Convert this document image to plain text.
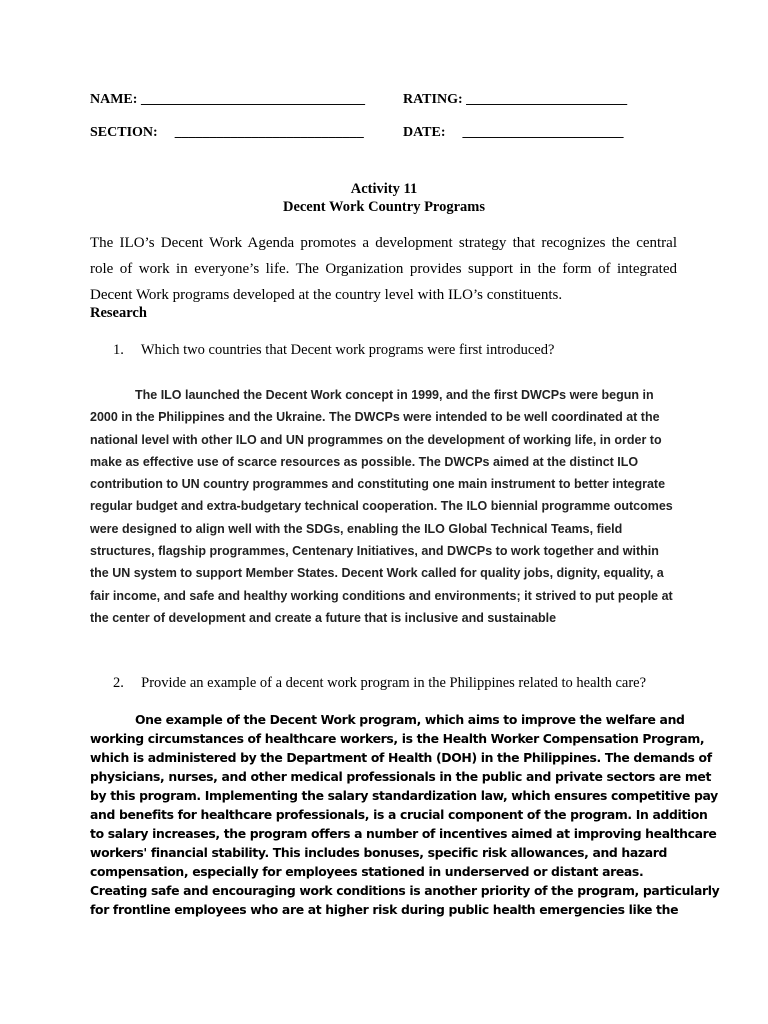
NAME: ________________________________	RATING: _______________________
SECTION: ___________________________	DATE: _______________________
Activity 11
Decent Work Country Programs
The ILO’s Decent Work Agenda promotes a development strategy that recognizes the central
role of work in everyone’s life. The Organization provides support in the form of integrated
Decent Work programs developed at the country level with ILO’s constituents.
Research
1. Which two countries that Decent work programs were first introduced?
The ILO launched the Decent Work concept in 1999, and the first DWCPs were begun in
2000 in the Philippines and the Ukraine. The DWCPs were intended to be well coordinated at the
national level with other ILO and UN programmes on the development of working life, in order to
make as effective use of scarce resources as possible. The DWCPs aimed at the distinct ILO
contribution to UN country programmes and constituting one main instrument to better integrate
regular budget and extra-budgetary technical cooperation. The ILO biennial programme outcomes
were designed to align well with the SDGs, enabling the ILO Global Technical Teams, field
structures, flagship programmes, Centenary Initiatives, and DWCPs to work together and within
the UN system to support Member States. Decent Work called for quality jobs, dignity, equality, a
fair income, and safe and healthy working conditions and environments; it strived to put people at
the center of development and create a future that is inclusive and sustainable
2. Provide an example of a decent work program in the Philippines related to health care?
One example of the Decent Work program, which aims to improve the welfare and
working circumstances of healthcare workers, is the Health Worker Compensation Program,
which is administered by the Department of Health (DOH) in the Philippines. The demands of
physicians, nurses, and other medical professionals in the public and private sectors are met
by this program. Implementing the salary standardization law, which ensures competitive pay
and benefits for healthcare professionals, is a crucial component of the program. In addition
to salary increases, the program offers a number of incentives aimed at improving healthcare
workers' financial stability. This includes bonuses, specific risk allowances, and hazard
compensation, especially for employees stationed in underserved or distant areas.
Creating safe and encouraging work conditions is another priority of the program, particularly
for frontline employees who are at higher risk during public health emergencies like the
